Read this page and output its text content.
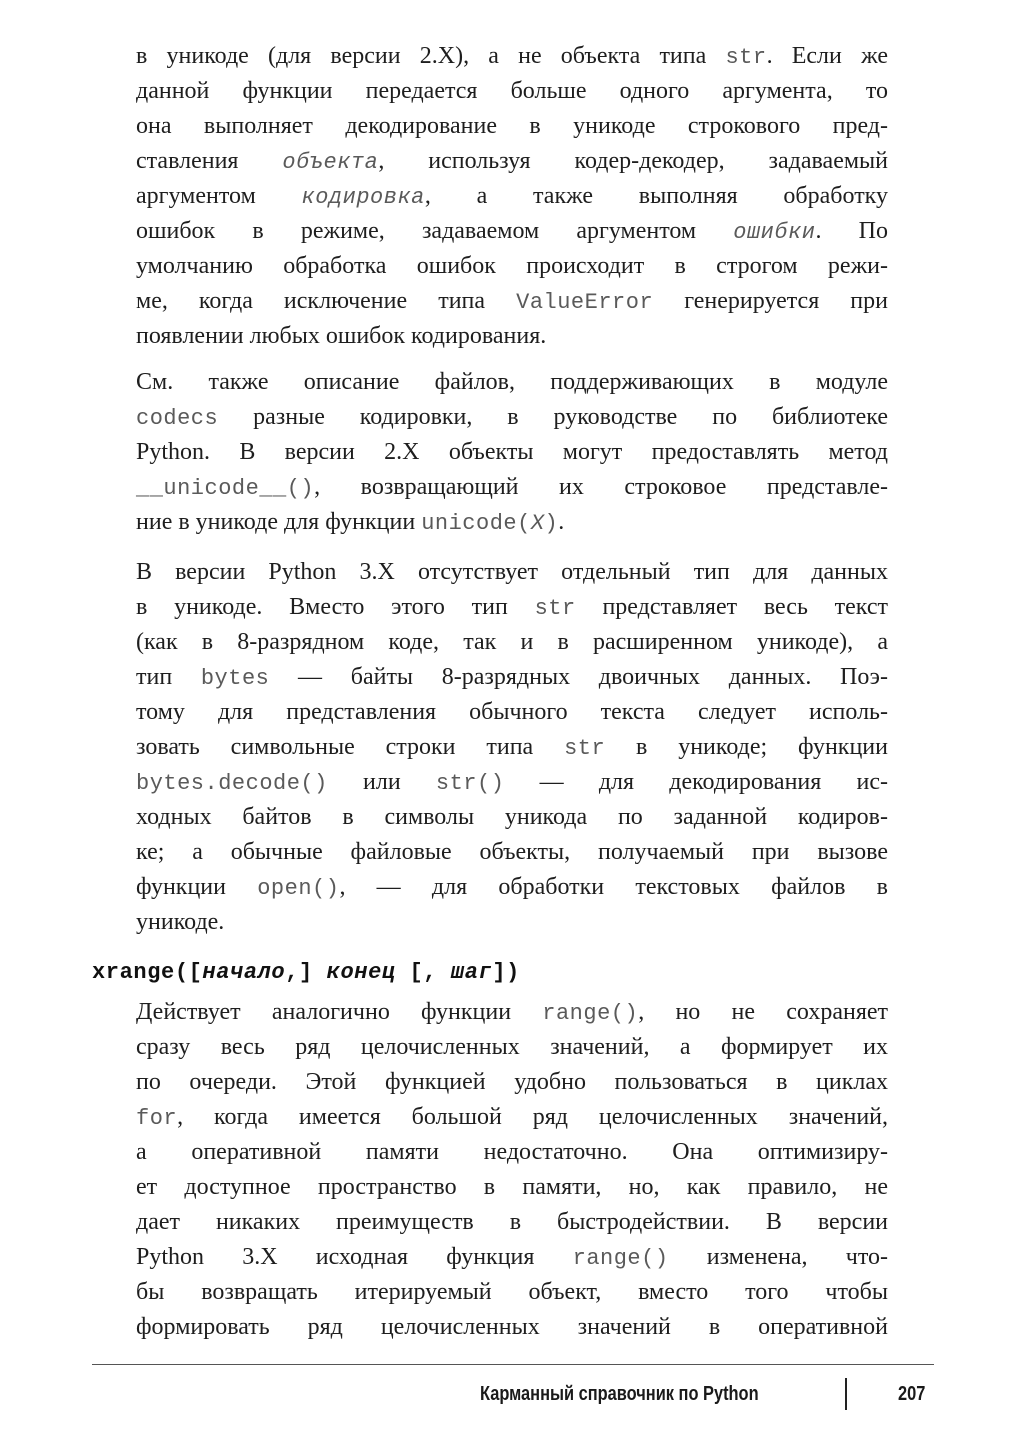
в уникоде (для версии 2.X), а не объекта типа str. Если же
данной функции передается больше одного аргумента, то
она выполняет декодирование в уникоде строкового пред-
ставления объекта, используя кодер-декодер, задаваемый
аргументом кодировка, а также выполняя обработку
ошибок в режиме, задаваемом аргументом ошибки. По
умолчанию обработка ошибок происходит в строгом режи-
ме, когда исключение типа ValueError генерируется при
появлении любых ошибок кодирования.
См. также описание файлов, поддерживающих в модуле
codecs разные кодировки, в руководстве по библиотеке
Python. В версии 2.X объекты могут предоставлять метод
__unicode__(), возвращающий их строковое представле-
ние в уникоде для функции unicode(X).
В версии Python 3.X отсутствует отдельный тип для данных
в уникоде. Вместо этого тип str представляет весь текст
(как в 8-разрядном коде, так и в расширенном уникоде), а
тип bytes — байты 8-разрядных двоичных данных. Поэ-
тому для представления обычного текста следует исполь-
зовать символьные строки типа str в уникоде; функции
bytes.decode() или str() — для декодирования ис-
ходных байтов в символы уникода по заданной кодиров-
ке; а обычные файловые объекты, получаемый при вызове
функции open(), — для обработки текстовых файлов в
уникоде.
xrange([начало,] конец [, шаг])
Действует аналогично функции range(), но не сохраняет
сразу весь ряд целочисленных значений, а формирует их
по очереди. Этой функцией удобно пользоваться в циклах
for, когда имеется большой ряд целочисленных значений,
а оперативной памяти недостаточно. Она оптимизиру-
ет доступное пространство в памяти, но, как правило, не
дает никаких преимуществ в быстродействии. В версии
Python 3.X исходная функция range() изменена, что-
бы возвращать итерируемый объект, вместо того чтобы
формировать ряд целочисленных значений в оперативной
Карманный справочник по Python	207
